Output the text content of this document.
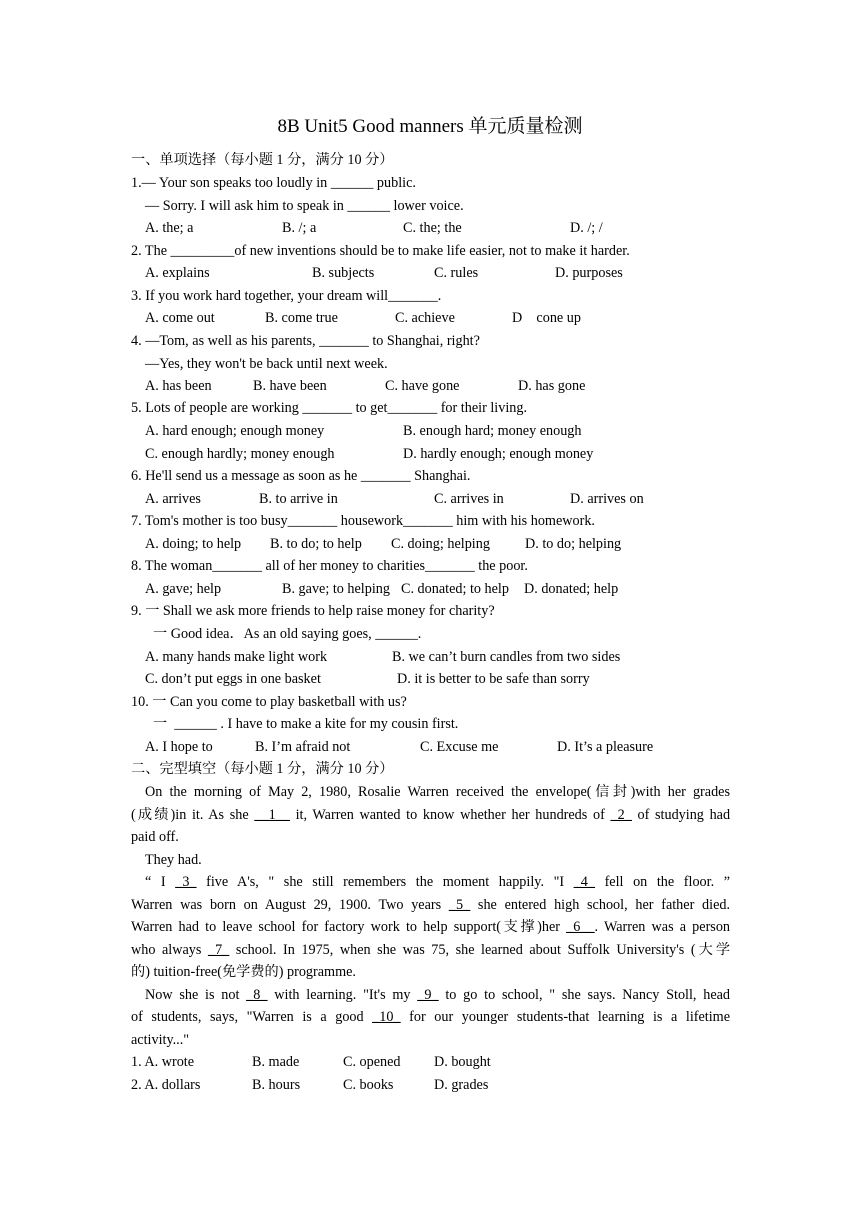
8B Unit5 Good manners 单元质量检测
一、单项选择（每小题 1 分，满分 10 分）
1.— Your son speaks too loudly in ______ public.
— Sorry. I will ask him to speak in ______ lower voice.
A. the; a	B. /; a	C. the; the	D. /; /
2. The _________of new inventions should be to make life easier, not to make it harder.
A. explains	B. subjects	C. rules	D. purposes
3. If you work hard together, your dream will_______.
A. come out	B. come true	C. achieve	D    cone up
4. —Tom, as well as his parents, _______ to Shanghai, right?
—Yes, they won't be back until next week.
A. has been	B. have been	C. have gone	D. has gone
5. Lots of people are working _______ to get_______ for their living.
A. hard enough; enough money	B. enough hard; money enough
C. enough hardly; money enough	D. hardly enough; enough money
6. He'll send us a message as soon as he _______ Shanghai.
A. arrives	B. to arrive in	C. arrives in	D. arrives on
7. Tom's mother is too busy_______ housework_______ him with his homework.
A. doing; to help B. to do; to help C. doing; helping D. to do; helping
8. The woman_______ all of her money to charities_______ the poor.
A. gave; help	B. gave; to helping C. donated; to help D. donated; help
9. 一 Shall we ask more friends to help raise money for charity?
一 Good idea．As an old saying goes, ______.
A. many hands make light work	B. we can’t burn candles from two sides
C. don’t put eggs in one basket	D. it is better to be safe than sorry
10. 一 Can you come to play basketball with us?
一  ______ . I have to make a kite for my cousin first.
A. I hope to	B. I’m afraid not	C. Excuse me	D. It’s a pleasure
二、完型填空（每小题 1 分，满分 10 分）
On the morning of May 2, 1980, Rosalie Warren received the envelope(信封)with her grades
(成绩)in it. As she __1__ it, Warren wanted to know whether her hundreds of _2_ of studying had
paid off.
They had.
“ I _3_ five A's, " she still remembers the moment happily. "I _4_ fell on the floor. ”
Warren was born on August 29, 1900. Two years _5_ she entered high school, her father died.
Warren had to leave school for factory work to help support(支撑)her _6__. Warren was a person
who always _7_ school. In 1975, when she was 75, she learned about Suffolk University's (大学
的) tuition-free(免学费的) programme.
Now she is not _8_ with learning. "It's my _9_ to go to school, " she says. Nancy Stoll, head
of students, says, "Warren is a good _10_ for our younger students-that learning is a lifetime
activity..."
1. A. wrote	B. made	C. opened D. bought
2. A. dollars	B. hours	C. books	D. grades
